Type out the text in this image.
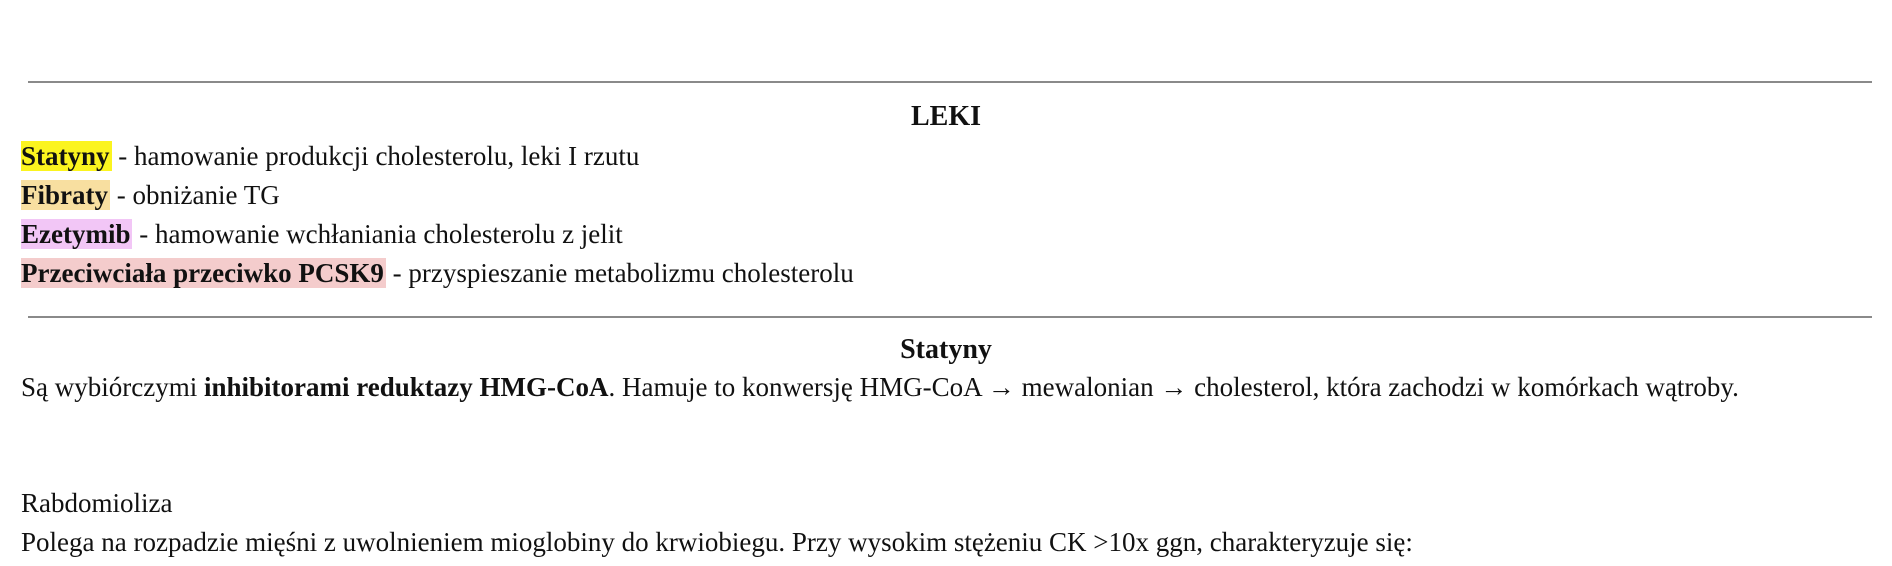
LEKI
Statyny - hamowanie produkcji cholesterolu, leki I rzutu
Fibraty - obniżanie TG
Ezetymib - hamowanie wchłaniania cholesterolu z jelit
Przeciwciała przeciwko PCSK9 - przyspieszanie metabolizmu cholesterolu
Statyny
Są wybiórczymi inhibitorami reduktazy HMG-CoA. Hamuje to konwersję HMG-CoA → mewalonian → cholesterol, która zachodzi w komórkach wątroby.
Rabdomioliza
Polega na rozpadzie mięśni z uwolnieniem mioglobiny do krwiobiegu. Przy wysokim stężeniu CK >10x ggn, charakteryzuje się:
